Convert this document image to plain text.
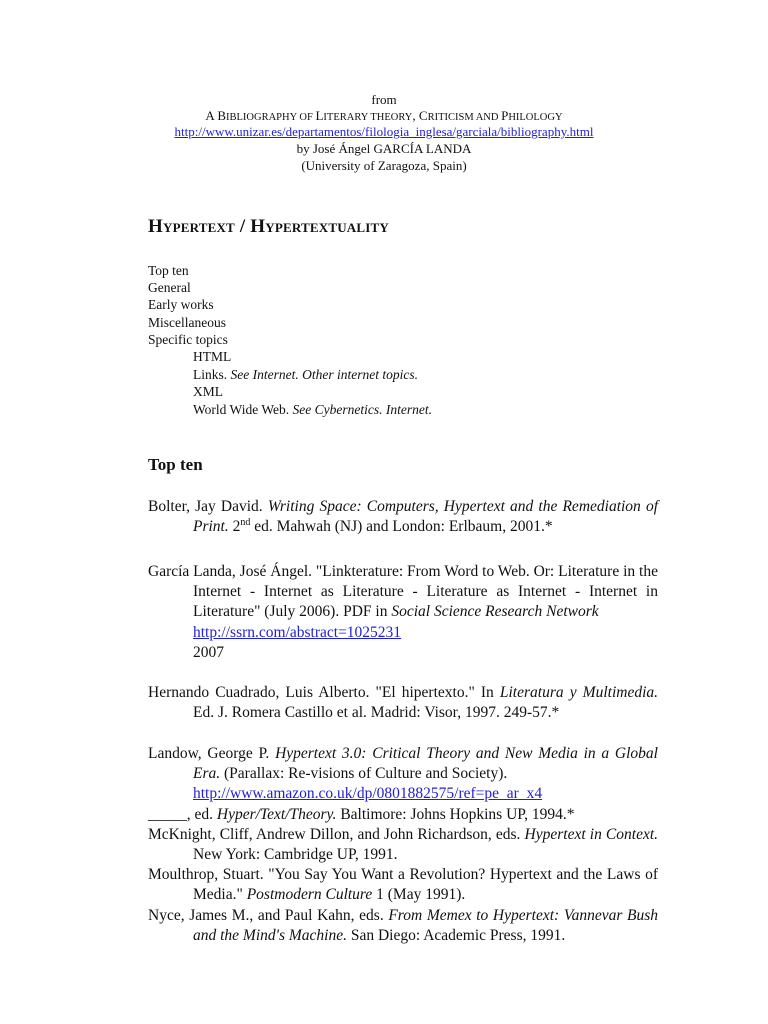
from
A BIBLIOGRAPHY OF LITERARY THEORY, CRITICISM AND PHILOLOGY
http://www.unizar.es/departamentos/filologia_inglesa/garciala/bibliography.html
by José Ángel GARCÍA LANDA
(University of Zaragoza, Spain)
Hypertext / Hypertextuality
Top ten
General
Early works
Miscellaneous
Specific topics
HTML
Links. See Internet. Other internet topics.
XML
World Wide Web. See Cybernetics. Internet.
Top ten
Bolter, Jay David. Writing Space: Computers, Hypertext and the Remediation of Print. 2nd ed. Mahwah (NJ) and London: Erlbaum, 2001.*
García Landa, José Ángel. "Linkterature: From Word to Web. Or: Literature in the Internet - Internet as Literature - Literature as Internet - Internet in Literature" (July 2006). PDF in Social Science Research Network
http://ssrn.com/abstract=1025231
2007
Hernando Cuadrado, Luis Alberto. "El hipertexto." In Literatura y Multimedia. Ed. J. Romera Castillo et al. Madrid: Visor, 1997. 249-57.*
Landow, George P. Hypertext 3.0: Critical Theory and New Media in a Global Era. (Parallax: Re-visions of Culture and Society).
http://www.amazon.co.uk/dp/0801882575/ref=pe_ar_x4
_____, ed. Hyper/Text/Theory. Baltimore: Johns Hopkins UP, 1994.*
McKnight, Cliff, Andrew Dillon, and John Richardson, eds. Hypertext in Context. New York: Cambridge UP, 1991.
Moulthrop, Stuart. "You Say You Want a Revolution? Hypertext and the Laws of Media." Postmodern Culture 1 (May 1991).
Nyce, James M., and Paul Kahn, eds. From Memex to Hypertext: Vannevar Bush and the Mind's Machine. San Diego: Academic Press, 1991.
